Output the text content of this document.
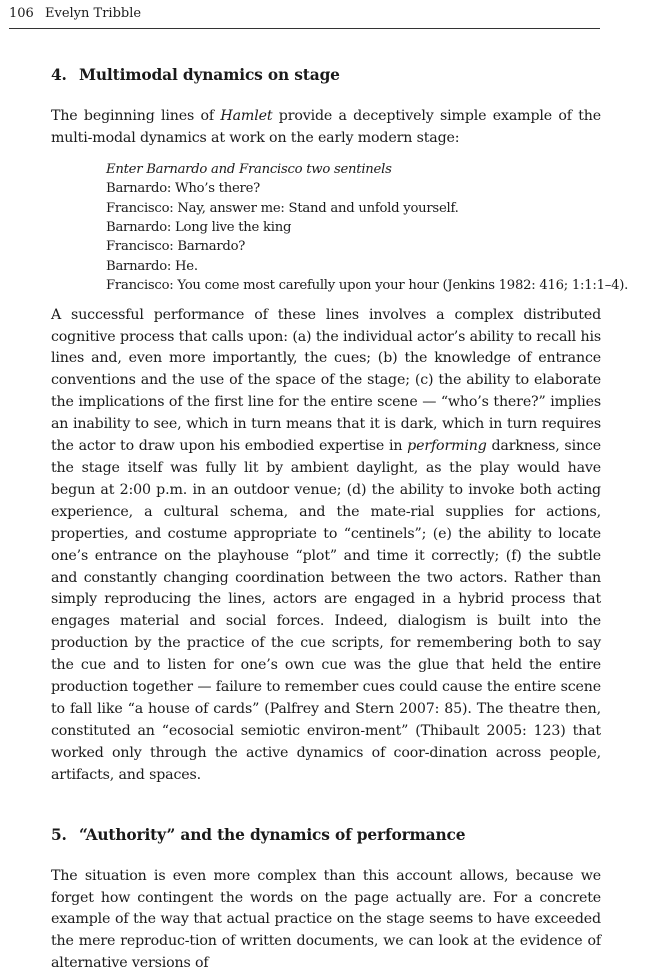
106 Evelyn Tribble
4. Multimodal dynamics on stage

The beginning lines of Hamlet provide a deceptively simple example of the multi-modal dynamics at work on the early modern stage:

Enter Barnardo and Francisco two sentinels
Barnardo: Who’s there?
Francisco: Nay, answer me: Stand and unfold yourself.
Barnardo: Long live the king
Francisco: Barnardo?
Barnardo: He.
Francisco: You come most carefully upon your hour (Jenkins 1982: 416; 1:1:1–4).

A successful performance of these lines involves a complex distributed cognitive process that calls upon: (a) the individual actor’s ability to recall his lines and, even more importantly, the cues; (b) the knowledge of entrance conventions and the use of the space of the stage; (c) the ability to elaborate the implications of the first line for the entire scene — “who’s there?” implies an inability to see, which in turn means that it is dark, which in turn requires the actor to draw upon his embodied expertise in performing darkness, since the stage itself was fully lit by ambient daylight, as the play would have begun at 2:00 p.m. in an outdoor venue; (d) the ability to invoke both acting experience, a cultural schema, and the mate-rial supplies for actions, properties, and costume appropriate to “centinels”; (e) the ability to locate one’s entrance on the playhouse “plot” and time it correctly; (f) the subtle and constantly changing coordination between the two actors. Rather than simply reproducing the lines, actors are engaged in a hybrid process that engages material and social forces. Indeed, dialogism is built into the production by the practice of the cue scripts, for remembering both to say the cue and to listen for one’s own cue was the glue that held the entire production together — failure to remember cues could cause the entire scene to fall like “a house of cards” (Palfrey and Stern 2007: 85). The theatre then, constituted an “ecosocial semiotic environ-ment” (Thibault 2005: 123) that worked only through the active dynamics of coor-dination across people, artifacts, and spaces.

5. “Authority” and the dynamics of performance

The situation is even more complex than this account allows, because we forget how contingent the words on the page actually are. For a concrete example of the way that actual practice on the stage seems to have exceeded the mere reproduc-tion of written documents, we can look at the evidence of alternative versions of
